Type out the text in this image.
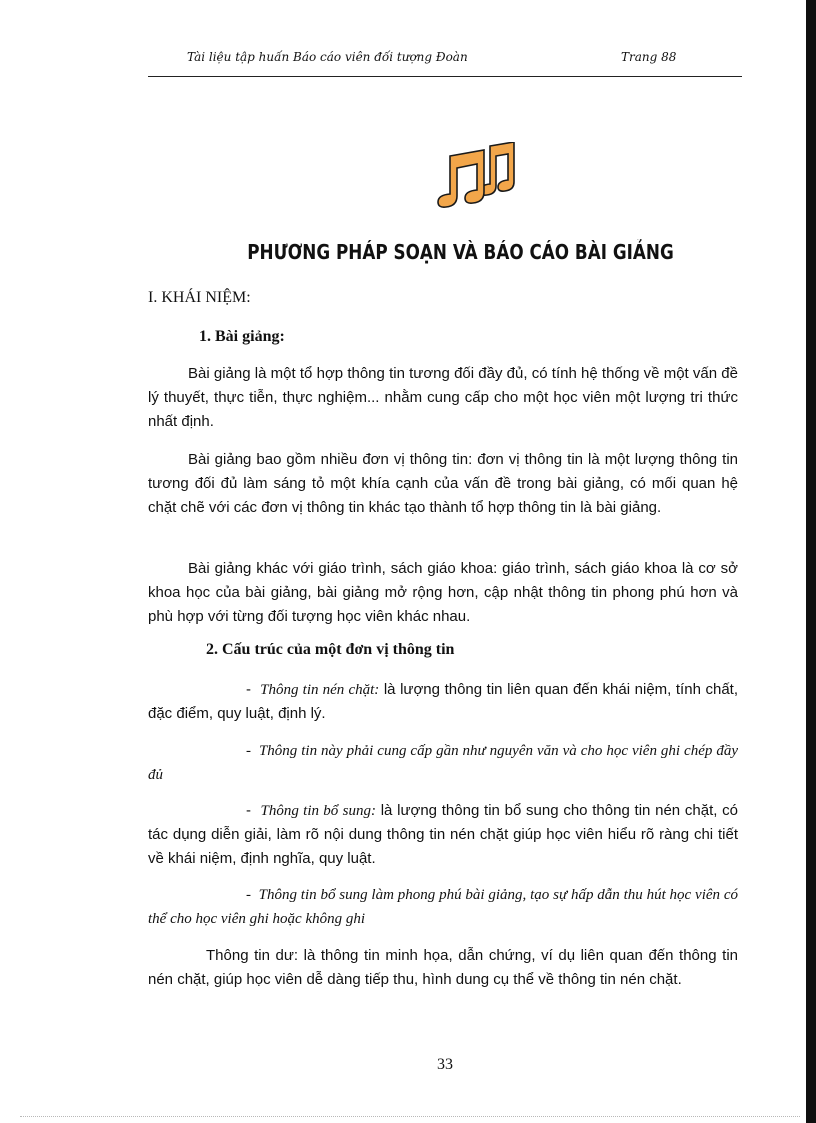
Tài liệu tập huấn Báo cáo viên đối tượng Đoàn	Trang 88
PHƯƠNG PHÁP SOẠN VÀ BÁO CÁO BÀI GIẢNG
I. KHÁI NIỆM:
1. Bài giảng:

Bài giảng là một tổ hợp thông tin tương đối đầy đủ, có tính hệ thống về một vấn đề lý thuyết, thực tiễn, thực nghiệm... nhằm cung cấp cho một học viên một lượng tri thức nhất định.

Bài giảng bao gồm nhiều đơn vị thông tin: đơn vị thông tin là một lượng thông tin tương đối đủ làm sáng tỏ một khía cạnh của vấn đề trong bài giảng, có mối quan hệ chặt chẽ với các đơn vị thông tin khác tạo thành tổ hợp thông tin là bài giảng.

Bài giảng khác với giáo trình, sách giáo khoa: giáo trình, sách giáo khoa là cơ sở khoa học của bài giảng, bài giảng mở rộng hơn, cập nhật thông tin phong phú hơn và phù hợp với từng đối tượng học viên khác nhau.

2. Cấu trúc của một đơn vị thông tin

- Thông tin nén chặt: là lượng thông tin liên quan đến khái niệm, tính chất, đặc điểm, quy luật, định lý.

- Thông tin này phải cung cấp gần như nguyên văn và cho học viên ghi chép đầy đủ

- Thông tin bổ sung: là lượng thông tin bổ sung cho thông tin nén chặt, có tác dụng diễn giải, làm rõ nội dung thông tin nén chặt giúp học viên hiểu rõ ràng chi tiết về khái niệm, định nghĩa, quy luật.

- Thông tin bổ sung làm phong phú bài giảng, tạo sự hấp dẫn thu hút học viên có thể cho học viên ghi hoặc không ghi

Thông tin dư: là thông tin minh họa, dẫn chứng, ví dụ liên quan đến thông tin nén chặt, giúp học viên dễ dàng tiếp thu, hình dung cụ thể về thông tin nén chặt.

33
